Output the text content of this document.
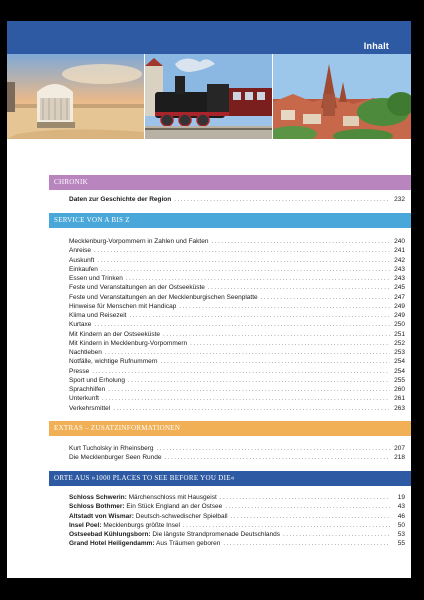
Inhalt
CHRONIK
Daten zur Geschichte der Region .....	232
SERVICE VON A BIS Z
Mecklenburg-Vorpommern in Zahlen und Fakten .....	240
Anreise .....	241
Auskunft .....	242
Einkaufen .....	243
Essen und Trinken .....	243
Feste und Veranstaltungen an der Ostseeküste .....	245
Feste und Veranstaltungen an der Mecklenburgischen Seenplatte .....	247
Hinweise für Menschen mit Handicap .....	249
Klima und Reisezeit .....	249
Kurtaxe .....	250
Mit Kindern an der Ostseeküste .....	251
Mit Kindern in Mecklenburg-Vorpommern .....	252
Nachtleben .....	253
Notfälle, wichtige Rufnummern .....	254
Presse .....	254
Sport und Erholung .....	255
Sprachhilfen .....	260
Unterkunft .....	261
Verkehrsmittel .....	263
EXTRAS – ZUSATZINFORMATIONEN
Kurt Tucholsky in Rheinsberg .....	207
Die Mecklenburger Seen Runde .....	218
ORTE AUS »1000 PLACES TO SEE BEFORE YOU DIE«
Schloss Schwerin: Märchenschloss mit Hausgeist .....	19
Schloss Bothmer: Ein Stück England an der Ostsee .....	43
Altstadt von Wismar: Deutsch-schwedischer Spielball .....	46
Insel Poel: Mecklenburgs größte Insel .....	50
Ostseebad Kühlungsborn: Die längste Strandpromenade Deutschlands .....	53
Grand Hotel Heiligendamm: Aus Träumen geboren .....	55
